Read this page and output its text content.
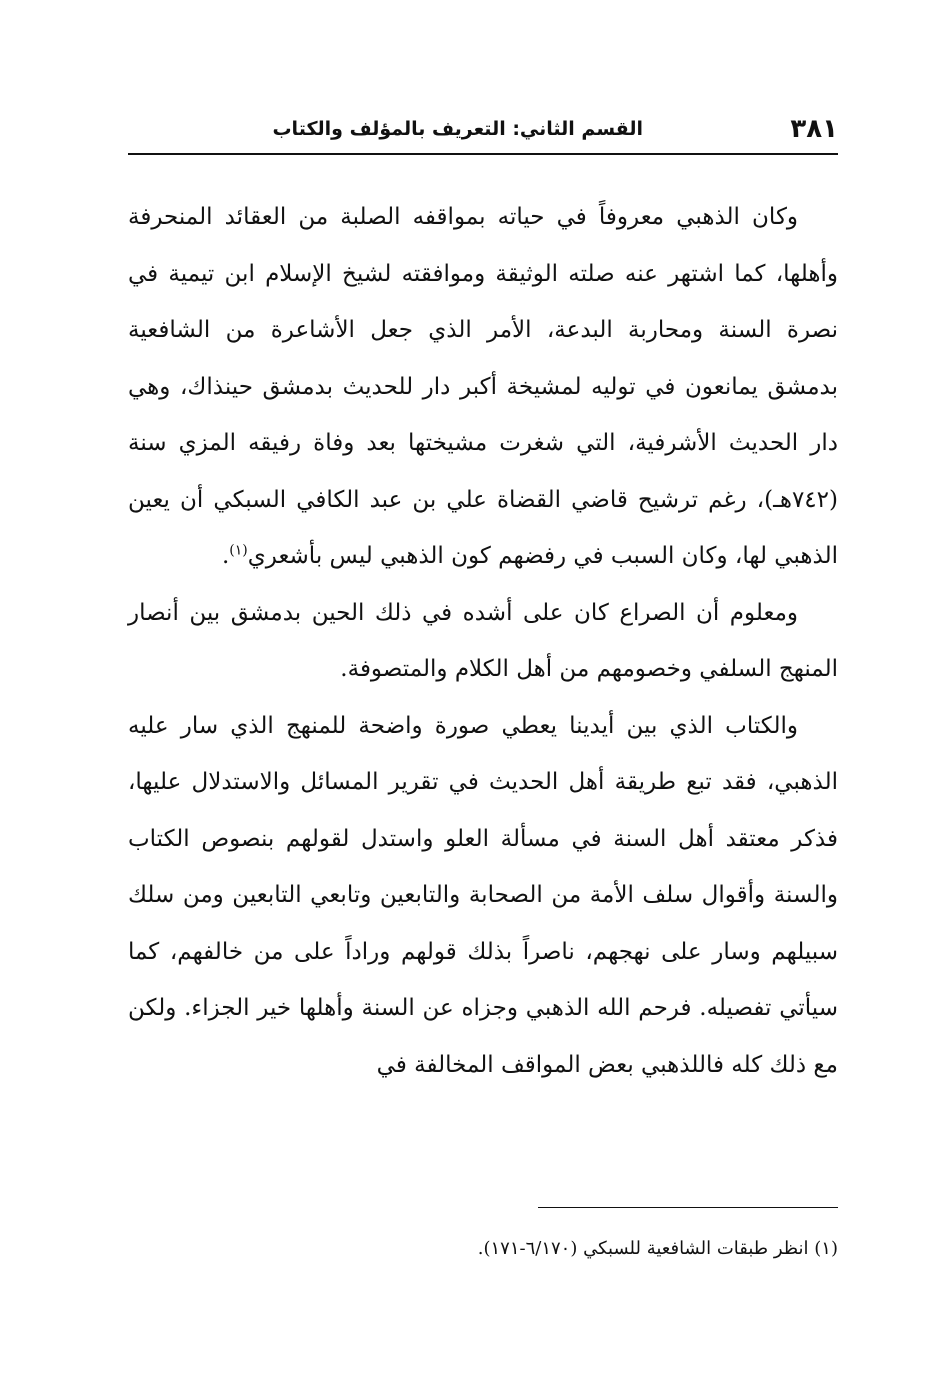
٣٨١
القسم الثاني: التعريف بالمؤلف والكتاب

وكان الذهبي معروفاً في حياته بمواقفه الصلبة من العقائد المنحرفة وأهلها، كما اشتهر عنه صلته الوثيقة وموافقته لشيخ الإسلام ابن تيمية في نصرة السنة ومحاربة البدعة، الأمر الذي جعل الأشاعرة من الشافعية بدمشق يمانعون في توليه لمشيخة أكبر دار للحديث بدمشق حينذاك، وهي دار الحديث الأشرفية، التي شغرت مشيختها بعد وفاة رفيقه المزي سنة (٧٤٢هـ)، رغم ترشيح قاضي القضاة علي بن عبد الكافي السبكي أن يعين الذهبي لها، وكان السبب في رفضهم كون الذهبي ليس بأشعري$^{(١)}$.

ومعلوم أن الصراع كان على أشده في ذلك الحين بدمشق بين أنصار المنهج السلفي وخصومهم من أهل الكلام والمتصوفة.

والكتاب الذي بين أيدينا يعطي صورة واضحة للمنهج الذي سار عليه الذهبي، فقد تبع طريقة أهل الحديث في تقرير المسائل والاستدلال عليها، فذكر معتقد أهل السنة في مسألة العلو واستدل لقولهم بنصوص الكتاب والسنة وأقوال سلف الأمة من الصحابة والتابعين وتابعي التابعين ومن سلك سبيلهم وسار على نهجهم، ناصراً بذلك قولهم وراداً على من خالفهم، كما سيأتي تفصيله. فرحم الله الذهبي وجزاه عن السنة وأهلها خير الجزاء. ولكن مع ذلك كله فاللذهبي بعض المواقف المخالفة في

(١) انظر طبقات الشافعية للسبكي (٦/١٧٠-١٧١).
